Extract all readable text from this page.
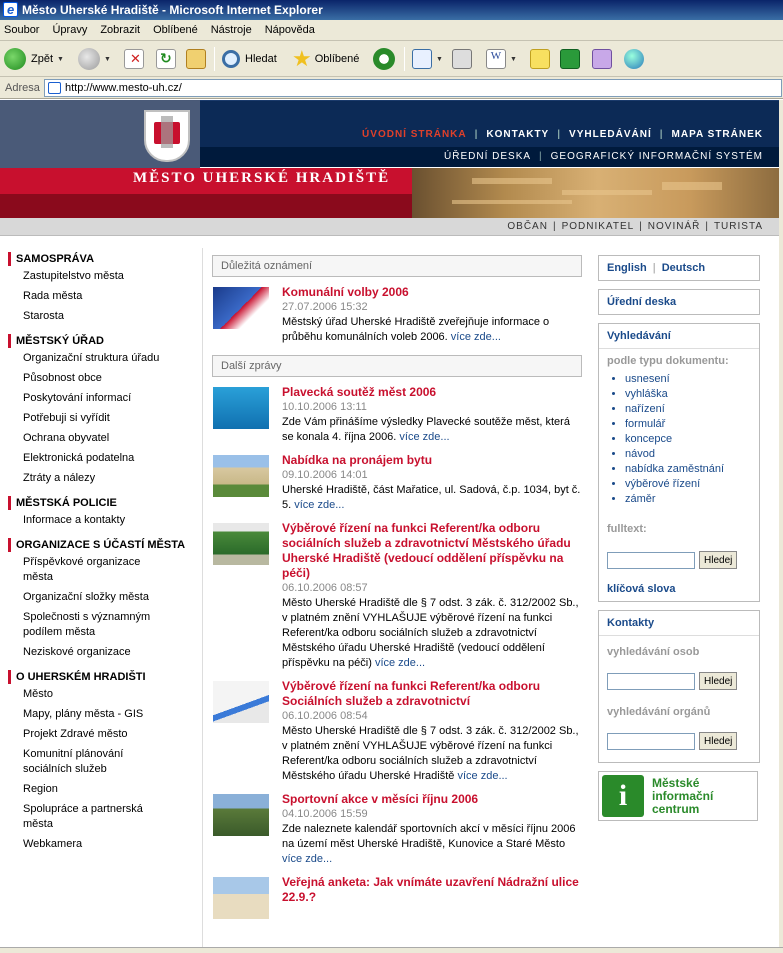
e
Město Uherské Hradiště - Microsoft Internet Explorer
Soubor Úpravy Zobrazit Oblíbené Nástroje Nápověda
Zpět ▼	▼ ✕ ↻	Hledat ★ Oblíbené	▼	W	▼
Adresa	http://www.mesto-uh.cz/
ÚVODNÍ STRÁNKA | KONTAKTY | VYHLEDÁVÁNÍ | MAPA STRÁNEK
ÚŘEDNÍ DESKA | GEOGRAFICKÝ INFORMAČNÍ SYSTÉM
MĚSTO UHERSKÉ HRADIŠTĚ
OBČAN | PODNIKATEL | NOVINÁŘ | TURISTA
SAMOSPRÁVA
Zastupitelstvo města
Rada města
Starosta
MĚSTSKÝ ÚŘAD
Organizační struktura úřadu
Působnost obce
Poskytování informací
Potřebuji si vyřídit
Ochrana obyvatel
Elektronická podatelna
Ztráty a nálezy
MĚSTSKÁ POLICIE
Informace a kontakty
ORGANIZACE S ÚČASTÍ MĚSTA
Příspěvkové organizace města
Organizační složky města
Společnosti s významným podílem města
Neziskové organizace
O UHERSKÉM HRADIŠTI
Město
Mapy, plány města - GIS
Projekt Zdravé město
Komunitní plánování sociálních služeb
Region
Spolupráce a partnerská města
Webkamera
Důležitá oznámení
Komunální volby 2006
27.07.2006 15:32
Městský úřad Uherské Hradiště zveřejňuje informace o průběhu komunálních voleb 2006. více zde...
Další zprávy
Plavecká soutěž měst 2006
10.10.2006 13:11
Zde Vám přinášíme výsledky Plavecké soutěže měst, která se konala 4. října 2006. více zde...
Nabídka na pronájem bytu
09.10.2006 14:01
Uherské Hradiště, část Mařatice, ul. Sadová, č.p. 1034, byt č. 5. více zde...
Výběrové řízení na funkci Referent/ka odboru sociálních služeb a zdravotnictví Městského úřadu Uherské Hradiště (vedoucí oddělení příspěvku na péči)
06.10.2006 08:57
Město Uherské Hradiště dle § 7 odst. 3 zák. č. 312/2002 Sb., v platném znění VYHLAŠUJE výběrové řízení na funkci Referent/ka odboru sociálních služeb a zdravotnictví Městského úřadu Uherské Hradiště (vedoucí oddělení příspěvku na péči) více zde...
Výběrové řízení na funkci Referent/ka odboru Sociálních služeb a zdravotnictví
06.10.2006 08:54
Město Uherské Hradiště dle § 7 odst. 3 zák. č. 312/2002 Sb., v platném znění VYHLAŠUJE výběrové řízení na funkci Referent/ka odboru sociálních služeb a zdravotnictví Městského úřadu Uherské Hradiště více zde...
Sportovní akce v měsíci říjnu 2006
04.10.2006 15:59
Zde naleznete kalendář sportovních akcí v měsíci říjnu 2006 na území měst Uherské Hradiště, Kunovice a Staré Město více zde...
Veřejná anketa: Jak vnímáte uzavření Nádražní ulice 22.9.?
English | Deutsch
Úřední deska
Vyhledávání
podle typu dokumentu:
• usnesení
• vyhláška
• nařízení
• formulář
• koncepce
• návod
• nabídka zaměstnání
• výběrové řízení
• záměr
fulltext:
Hledej
klíčová slova
Kontakty
vyhledávání osob
Hledej
vyhledávání orgánů
Hledej
i	Městské
informační
centrum
